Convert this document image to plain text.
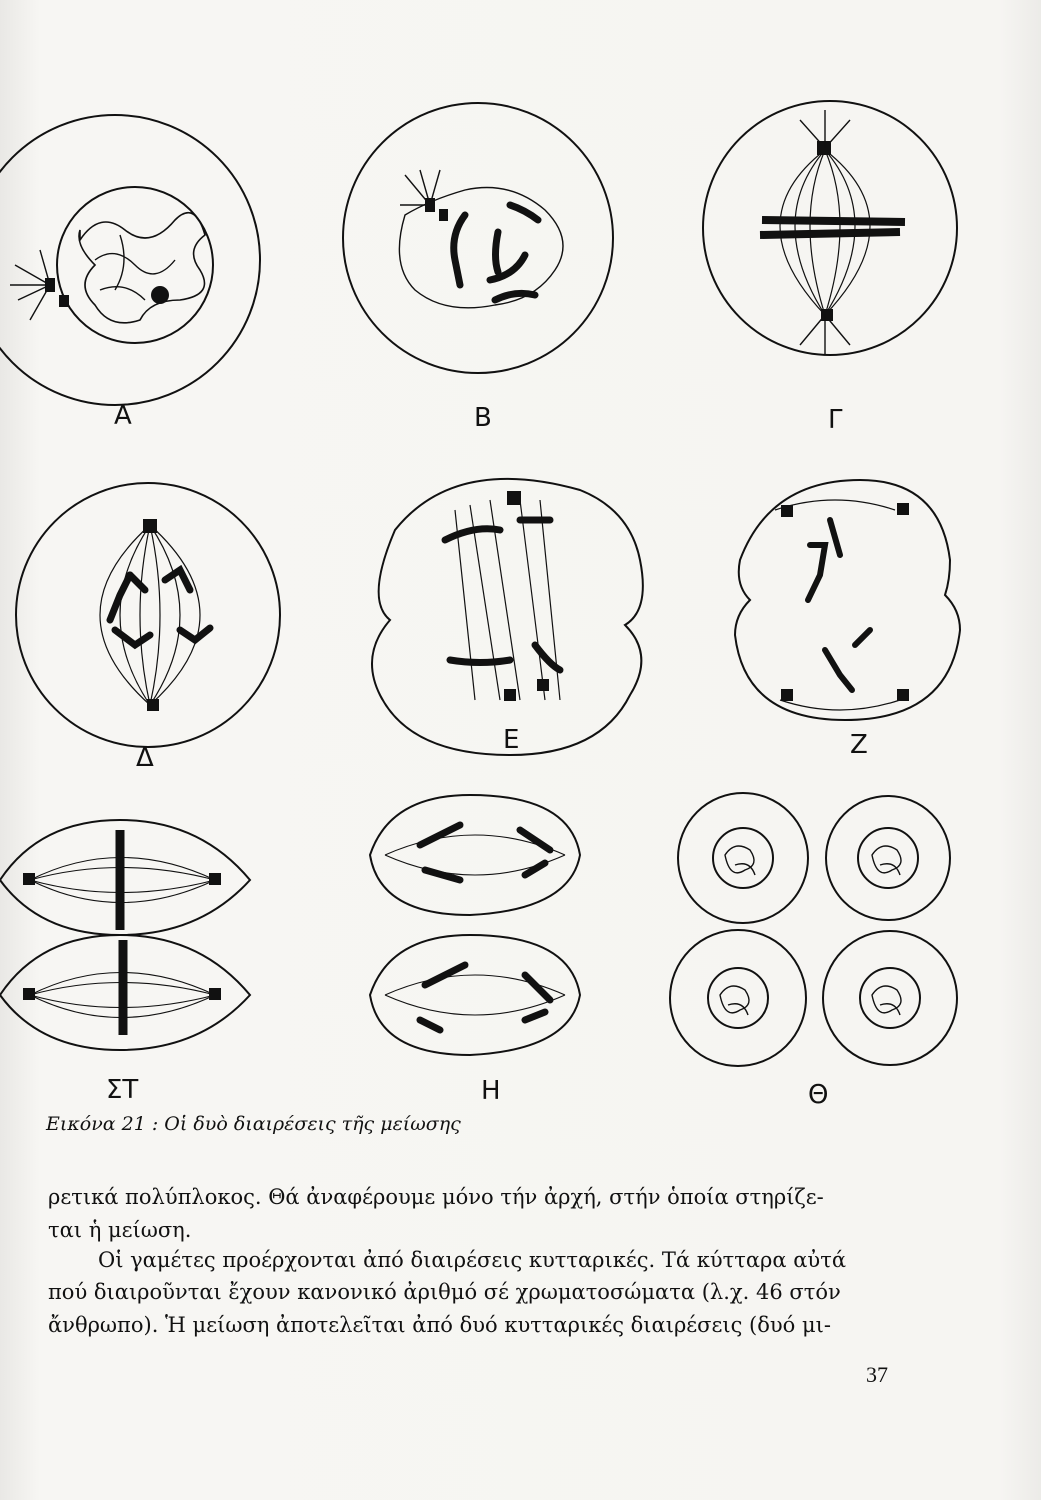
Α	Β	Γ
Δ
Ε	Ζ
ΣΤ	Η	Θ
Εικόνα 21 : Οἱ δυὸ διαιρέσεις τῆς μείωσης
ρετικά πολύπλοκος. Θά ἀναφέρουμε μόνο τήν ἀρχή, στήν ὁποία στηρίζε-
ται ἡ μείωση.
Οἱ γαμέτες προέρχονται ἀπό διαιρέσεις κυτταρικές. Τά κύτταρα αὐτά
πού διαιροῦνται ἔχουν κανονικό ἀριθμό σέ χρωματοσώματα (λ.χ. 46 στόν
ἄνθρωπο). Ἡ μείωση ἀποτελεῖται ἀπό δυό κυτταρικές διαιρέσεις (δυό μι-
37
